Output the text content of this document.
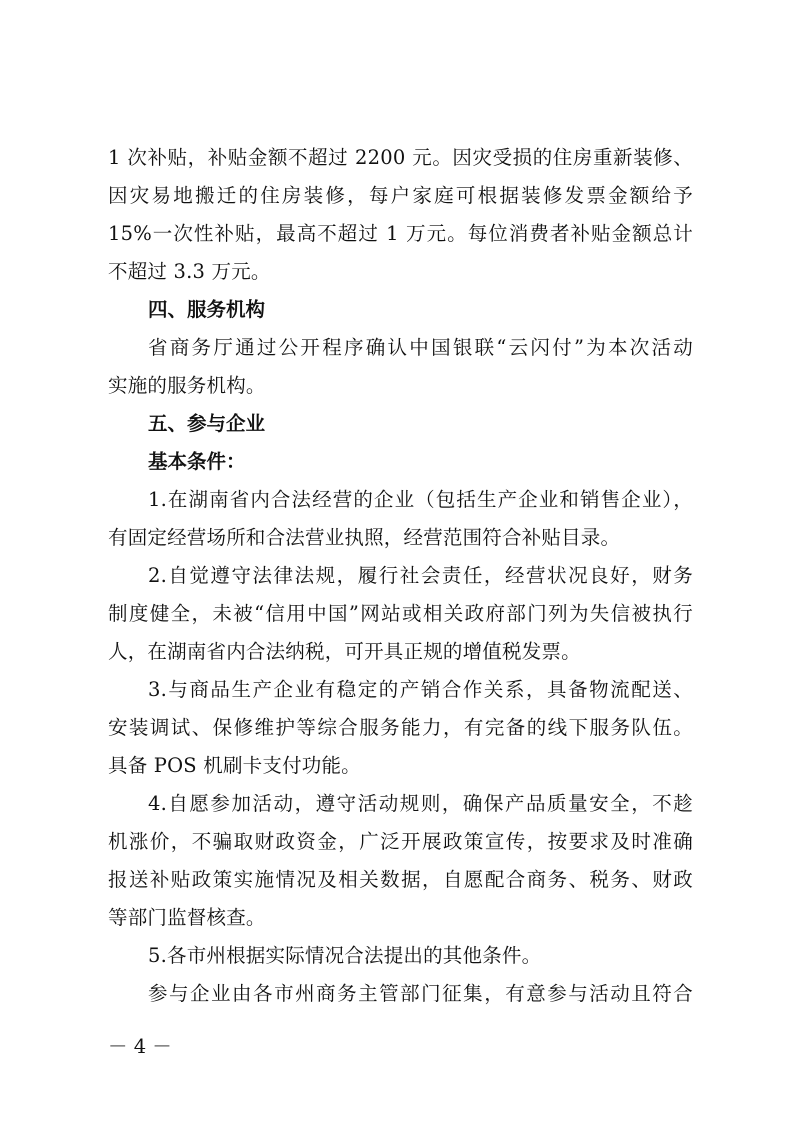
1 次补贴，补贴金额不超过 2200 元。因灾受损的住房重新装修、
因灾易地搬迁的住房装修，每户家庭可根据装修发票金额给予
15%一次性补贴，最高不超过 1 万元。每位消费者补贴金额总计
不超过 3.3 万元。
四、服务机构
省商务厅通过公开程序确认中国银联“云闪付”为本次活动
实施的服务机构。
五、参与企业
基本条件：
1.在湖南省内合法经营的企业（包括生产企业和销售企业），
有固定经营场所和合法营业执照，经营范围符合补贴目录。
2.自觉遵守法律法规，履行社会责任，经营状况良好，财务
制度健全，未被“信用中国”网站或相关政府部门列为失信被执行
人，在湖南省内合法纳税，可开具正规的增值税发票。
3.与商品生产企业有稳定的产销合作关系，具备物流配送、
安装调试、保修维护等综合服务能力，有完备的线下服务队伍。
具备 POS 机刷卡支付功能。
4.自愿参加活动，遵守活动规则，确保产品质量安全，不趁
机涨价，不骗取财政资金，广泛开展政策宣传，按要求及时准确
报送补贴政策实施情况及相关数据，自愿配合商务、税务、财政
等部门监督核查。
5.各市州根据实际情况合法提出的其他条件。
参与企业由各市州商务主管部门征集，有意参与活动且符合
－ 4 －
